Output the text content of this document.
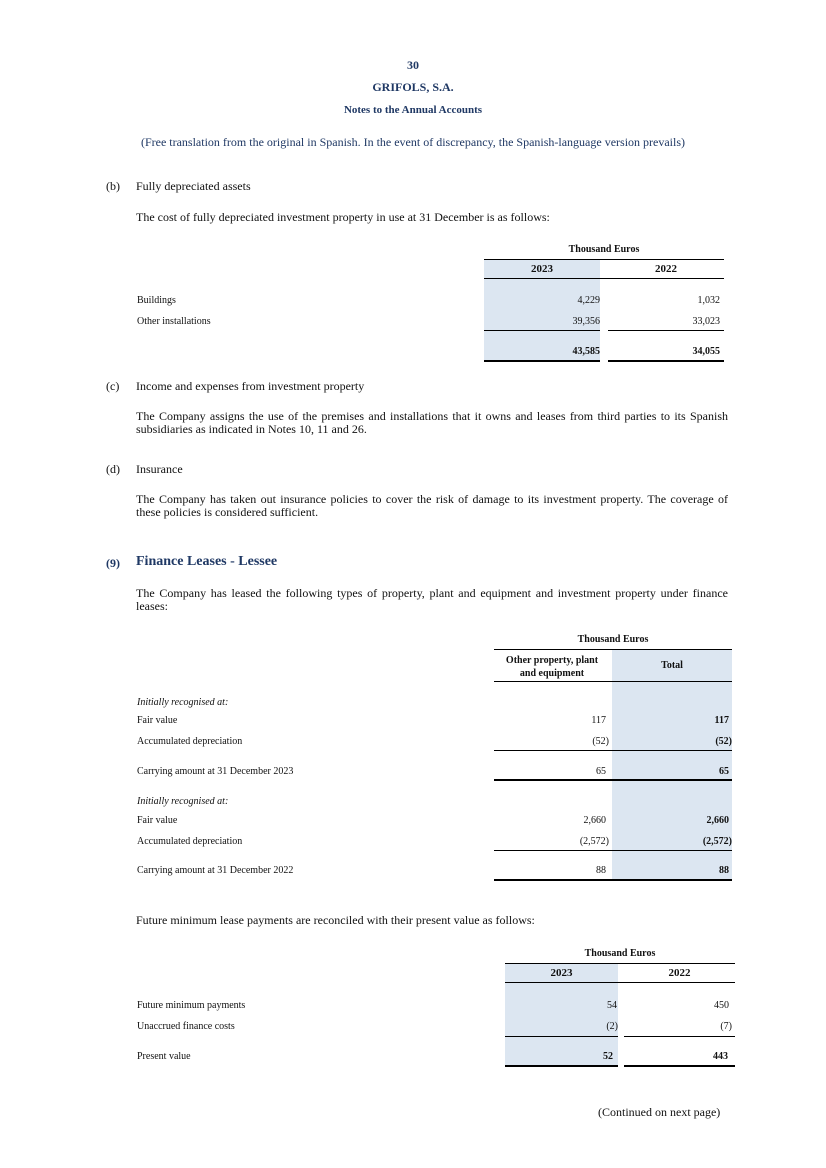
30
GRIFOLS, S.A.
Notes to the Annual Accounts
(Free translation from the original in Spanish. In the event of discrepancy, the Spanish-language version prevails)
(b) Fully depreciated assets
The cost of fully depreciated investment property in use at 31 December is as follows:
Thousand Euros
2023	2022
Buildings	4,229	1,032
Other installations	39,356	33,023
43,585	34,055
(c) Income and expenses from investment property
The Company assigns the use of the premises and installations that it owns and leases from third parties to its Spanish subsidiaries as indicated in Notes 10, 11 and 26.
(d) Insurance
The Company has taken out insurance policies to cover the risk of damage to its investment property. The coverage of these policies is considered sufficient.
(9) Finance Leases - Lessee
The Company has leased the following types of property, plant and equipment and investment property under finance leases:
Thousand Euros
Other property, plant
and equipment
Total
Initially recognised at:
Fair value	117	117
Accumulated depreciation	(52)	(52)
Carrying amount at 31 December 2023	65	65
Initially recognised at:
Fair value	2,660	2,660
Accumulated depreciation	(2,572)	(2,572)
Carrying amount at 31 December 2022	88	88
Future minimum lease payments are reconciled with their present value as follows:
Thousand Euros
2023	2022
Future minimum payments	54	450
Unaccrued finance costs	(2)	(7)
Present value	52	443
(Continued on next page)
